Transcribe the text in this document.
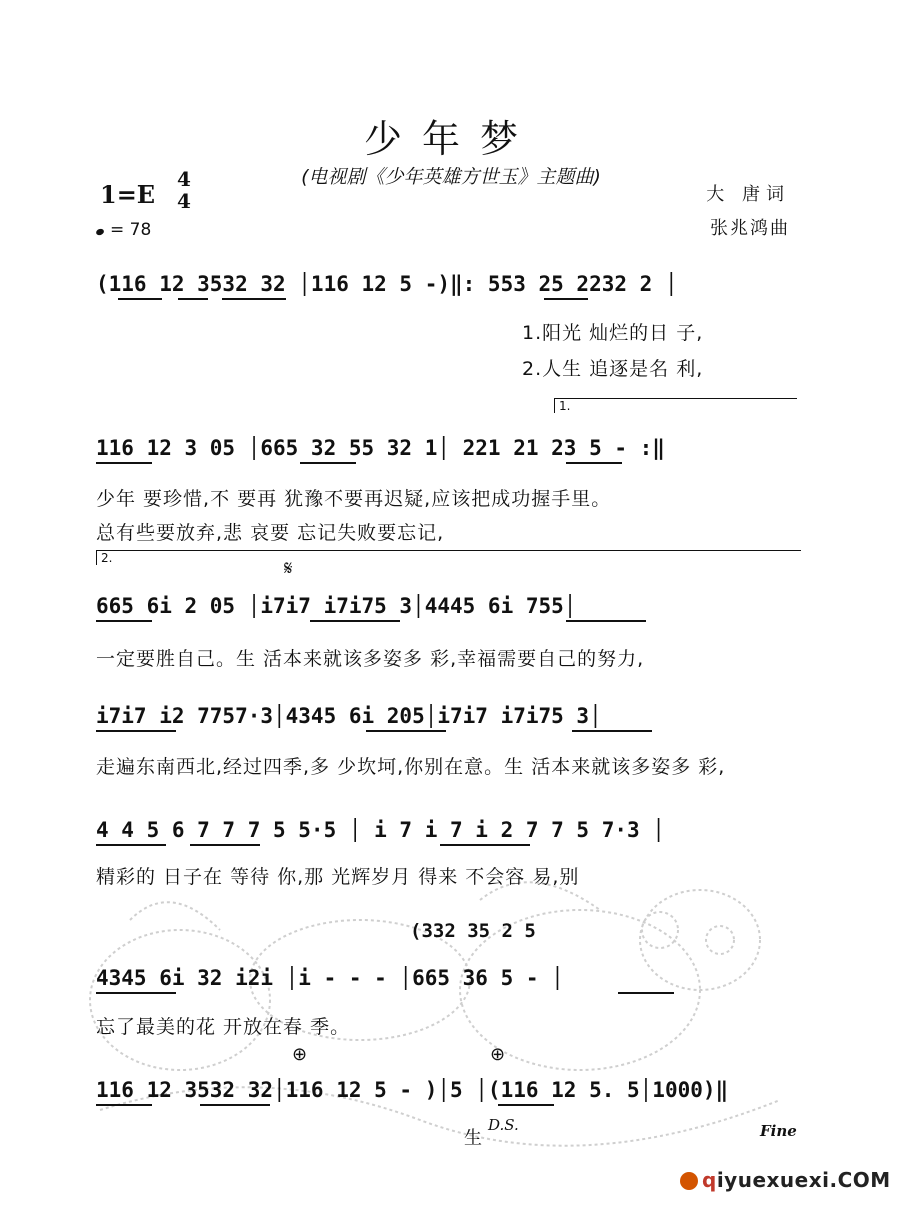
少年梦
(电视剧《少年英雄方世玉》主题曲)
1=E
4
4
= 78
大 唐词
张兆鸿曲
(116 12 3532 32 │116 12 5 -)‖: 553 25 2232 2 │
1.阳光 灿烂的日 子,
2.人生 追逐是名 利,
1.
116 12 3 05 │665 32 55 32 1│ 221 21 23 5 - :‖
少年 要珍惜,不 要再 犹豫不要再迟疑,应该把成功握手里。
总有些要放弃,悲 哀要 忘记失败要忘记,
2.	𝄋
665 6i 2 05 │i7i7 i7i75 3│4445 6i 755│
一定要胜自己。生 活本来就该多姿多 彩,幸福需要自己的努力,
i7i7 i2 7757·3│4345 6i 205│i7i7 i7i75 3│
走遍东南西北,经过四季,多 少坎坷,你别在意。生 活本来就该多姿多 彩,
4 4 5 6 7 7 7 5 5·5 │ i 7 i 7 i 2 7 7 5 7·3 │
精彩的 日子在 等待 你,那 光辉岁月 得来 不会容 易,别
(332 35 2 5
4345 6i 32 i2i │i - - - │665 36 5 - │
忘了最美的花 开放在春 季。
⊕	⊕
116 12 3532 32│116 12 5 - )│5 │(116 12 5. 5│1000)‖
生
D.S.	Fine
qiyuexuexi.COM
